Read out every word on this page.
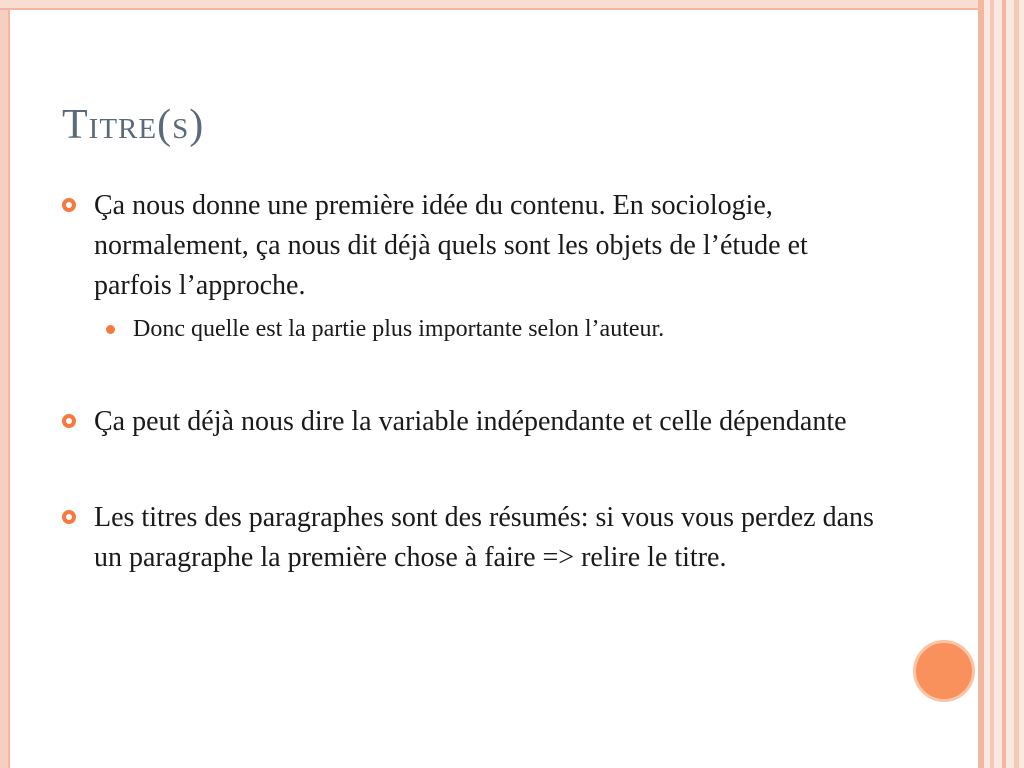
Titre(s)

Ça nous donne une première idée du contenu. En sociologie, normalement, ça nous dit déjà quels sont les objets de l’étude et parfois l’approche.

Donc quelle est la partie plus importante selon l’auteur.

Ça peut déjà nous dire la variable indépendante et celle dépendante

Les titres des paragraphes sont des résumés: si vous vous perdez dans un paragraphe la première chose à faire => relire le titre.
